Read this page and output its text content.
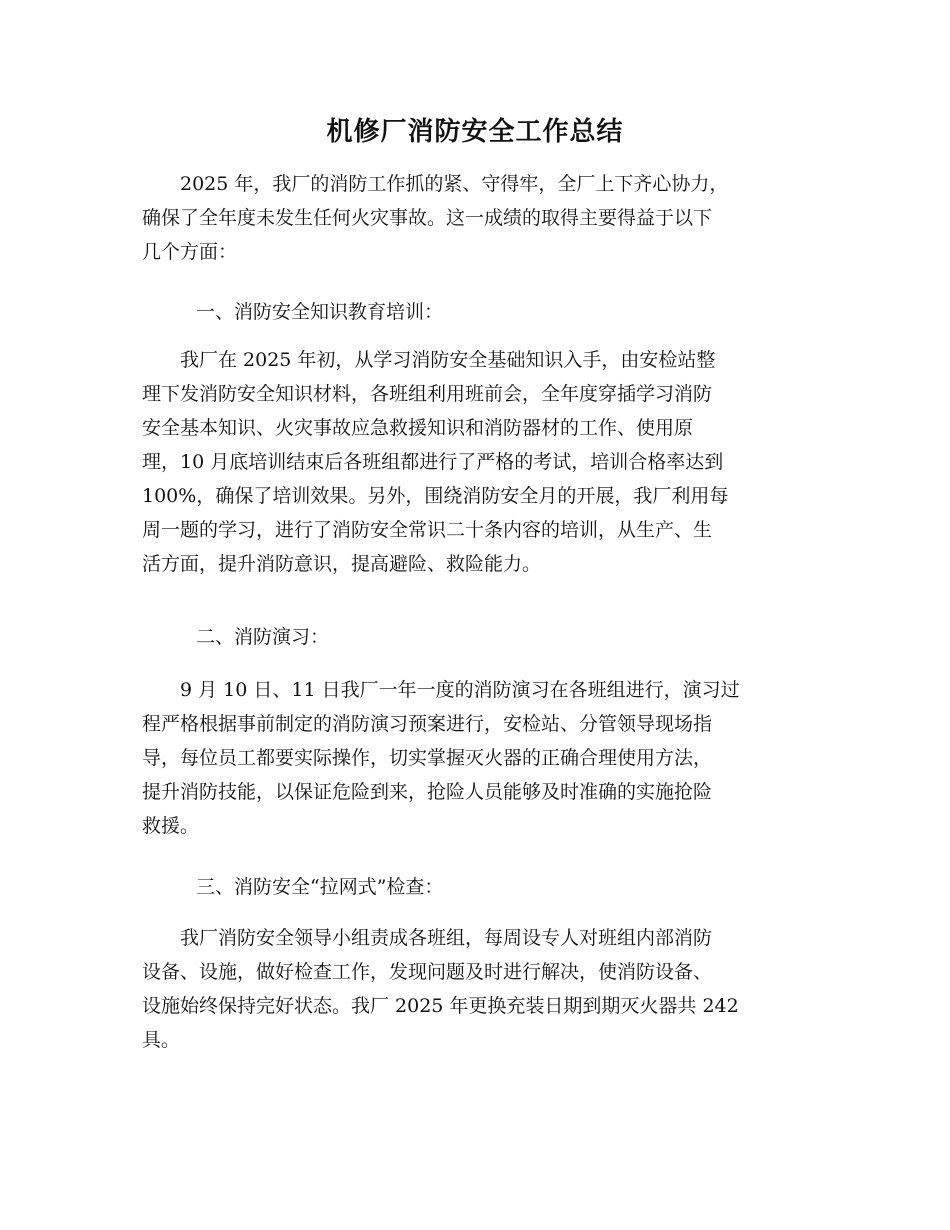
机修厂消防安全工作总结

　　2025 年，我厂的消防工作抓的紧、守得牢，全厂上下齐心协力，
确保了全年度未发生任何火灾事故。这一成绩的取得主要得益于以下
几个方面：

一、消防安全知识教育培训：

　　我厂在 2025 年初，从学习消防安全基础知识入手，由安检站整
理下发消防安全知识材料，各班组利用班前会，全年度穿插学习消防
安全基本知识、火灾事故应急救援知识和消防器材的工作、使用原
理，10 月底培训结束后各班组都进行了严格的考试，培训合格率达到
100%，确保了培训效果。另外，围绕消防安全月的开展，我厂利用每
周一题的学习，进行了消防安全常识二十条内容的培训，从生产、生
活方面，提升消防意识，提高避险、救险能力。

二、消防演习：

　　9 月 10 日、11 日我厂一年一度的消防演习在各班组进行，演习过
程严格根据事前制定的消防演习预案进行，安检站、分管领导现场指
导，每位员工都要实际操作，切实掌握灭火器的正确合理使用方法，
提升消防技能，以保证危险到来，抢险人员能够及时准确的实施抢险
救援。

三、消防安全“拉网式”检查：

　　我厂消防安全领导小组责成各班组，每周设专人对班组内部消防
设备、设施，做好检查工作，发现问题及时进行解决，使消防设备、
设施始终保持完好状态。我厂 2025 年更换充装日期到期灭火器共 242
具。
